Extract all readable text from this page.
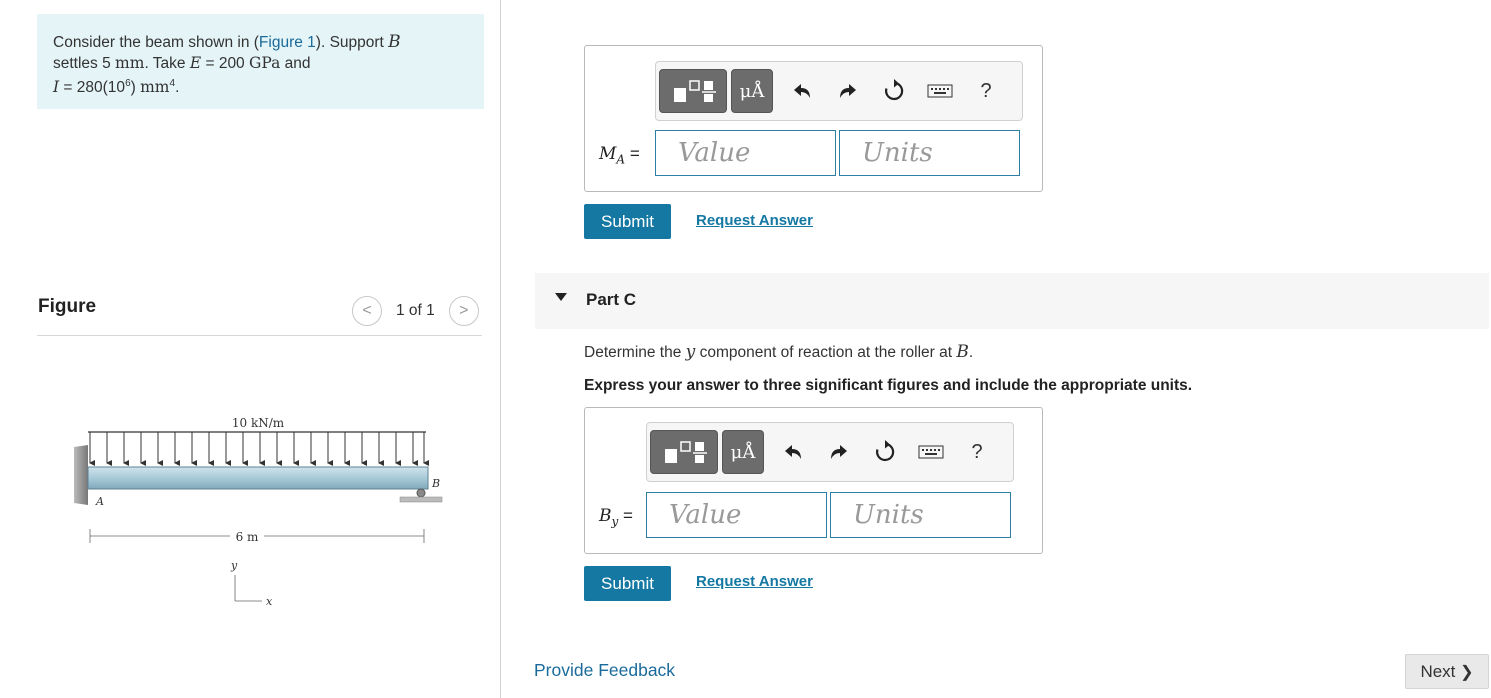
Consider the beam shown in (Figure 1). Support B
settles 5 mm. Take E = 200 GPa and
$I = 280(10^6)$ $mm^4$.
Figure	<	1 of 1	>
10 kN/m
B
A
6 m
y
x
μÅ	?
$M_A$ =	Value	Units
Submit	Request Answer
Part C
Determine the y component of reaction at the roller at B.
Express your answer to three significant figures and include the appropriate units.
μÅ	?
$B_y$ =	Value	Units
Submit	Request Answer
Provide Feedback	Next
❯
